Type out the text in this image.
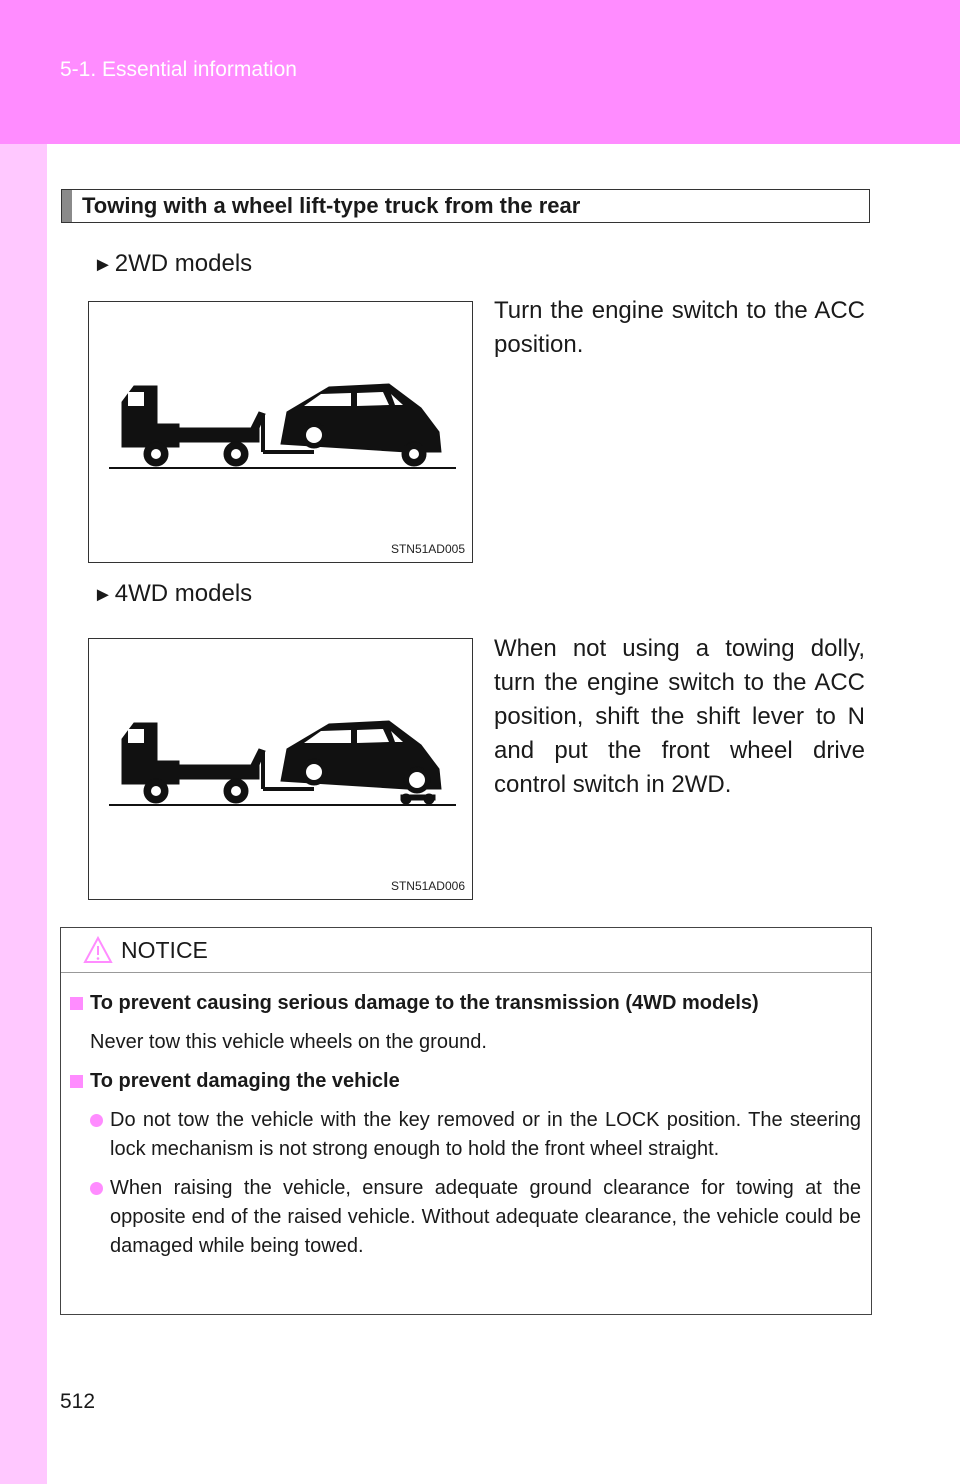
5-1. Essential information
Towing with a wheel lift-type truck from the rear
►2WD models
STN51AD005
Turn the engine switch to the ACC position.
►4WD models
STN51AD006
When not using a towing dolly, turn the engine switch to the ACC position, shift the shift lever to N and put the front wheel drive control switch in 2WD.
NOTICE
To prevent causing serious damage to the transmission (4WD models)
Never tow this vehicle wheels on the ground.
To prevent damaging the vehicle
Do not tow the vehicle with the key removed or in the LOCK position. The steering lock mechanism is not strong enough to hold the front wheel straight.
When raising the vehicle, ensure adequate ground clearance for towing at the opposite end of the raised vehicle. Without adequate clearance, the vehicle could be damaged while being towed.
512
